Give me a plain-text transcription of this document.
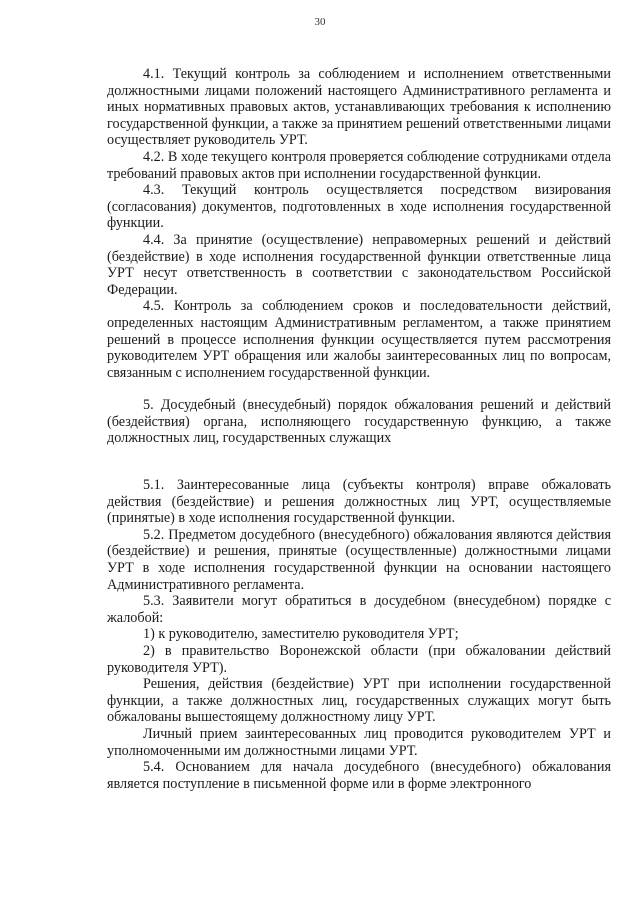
30

4.1. Текущий контроль за соблюдением и исполнением ответственными должностными лицами положений настоящего Административного регламента и иных нормативных правовых актов, устанавливающих требования к исполнению государственной функции, а также за принятием решений ответственными лицами осуществляет руководитель УРТ.

4.2. В ходе текущего контроля проверяется соблюдение сотрудниками отдела требований правовых актов при исполнении государственной функции.

4.3. Текущий контроль осуществляется посредством визирования (согласования) документов, подготовленных в ходе исполнения государственной функции.

4.4. За принятие (осуществление) неправомерных решений и действий (бездействие) в ходе исполнения государственной функции ответственные лица УРТ несут ответственность в соответствии с законодательством Российской Федерации.

4.5. Контроль за соблюдением сроков и последовательности действий, определенных настоящим Административным регламентом, а также принятием решений в процессе исполнения функции осуществляется путем рассмотрения руководителем УРТ обращения или жалобы заинтересованных лиц по вопросам, связанным с исполнением государственной функции.

5. Досудебный (внесудебный) порядок обжалования решений и действий (бездействия) органа, исполняющего государственную функцию, а также должностных лиц, государственных служащих

5.1. Заинтересованные лица (субъекты контроля) вправе обжаловать действия (бездействие) и решения должностных лиц УРТ, осуществляемые (принятые) в ходе исполнения государственной функции.

5.2. Предметом досудебного (внесудебного) обжалования являются действия (бездействие) и решения, принятые (осуществленные) должностными лицами УРТ в ходе исполнения государственной функции на основании настоящего Административного регламента.

5.3. Заявители могут обратиться в досудебном (внесудебном) порядке с жалобой:

1) к руководителю, заместителю руководителя УРТ;

2) в правительство Воронежской области (при обжаловании действий руководителя УРТ).

Решения, действия (бездействие) УРТ при исполнении государственной функции, а также должностных лиц, государственных служащих могут быть обжалованы вышестоящему должностному лицу УРТ.

Личный прием заинтересованных лиц проводится руководителем УРТ и уполномоченными им должностными лицами УРТ.

5.4. Основанием для начала досудебного (внесудебного) обжалования является поступление в письменной форме или в форме электронного
